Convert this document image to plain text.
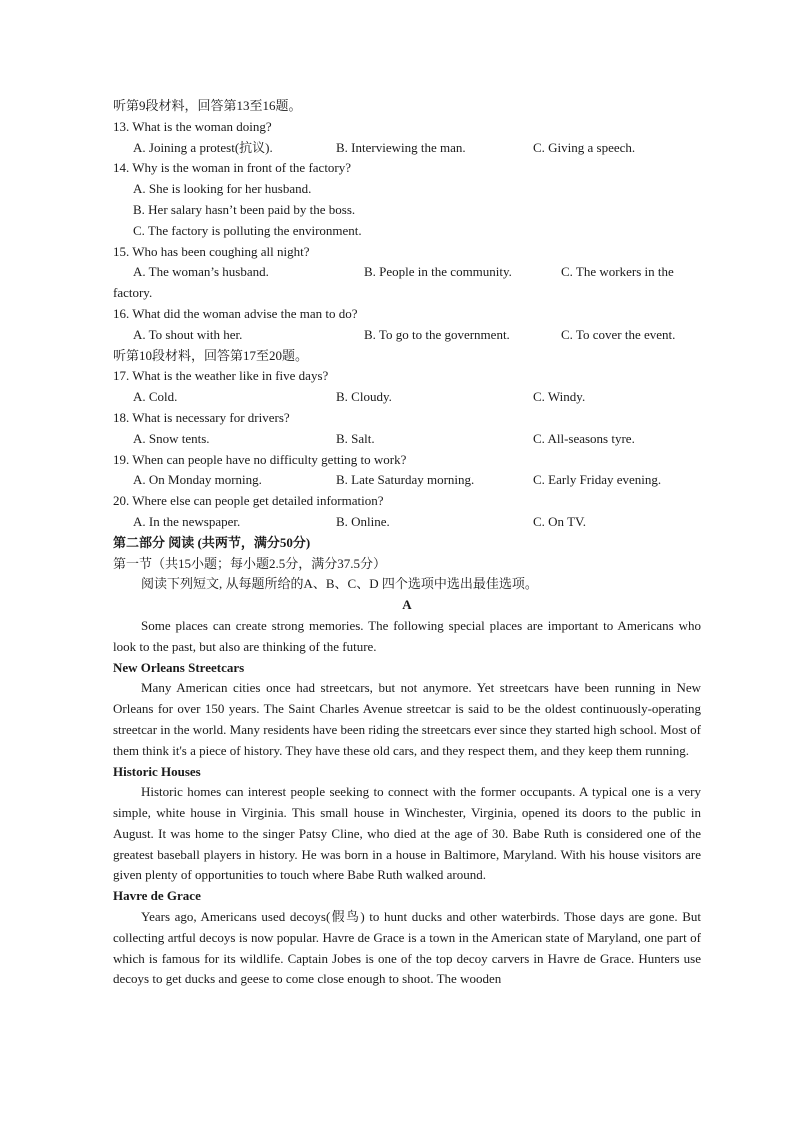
听第9段材料，回答第13至16题。
13. What is the woman doing?
A. Joining a protest(抗议).	B. Interviewing the man.	C. Giving a speech.
14. Why is the woman in front of the factory?
A. She is looking for her husband.
B. Her salary hasn’t been paid by the boss.
C. The factory is polluting the environment.
15. Who has been coughing all night?
A. The woman’s husband.	B. People in the community.	C. The workers in the
factory.
16. What did the woman advise the man to do?
A. To shout with her.	B. To go to the government.	C. To cover the event.
听第10段材料，回答第17至20题。
17. What is the weather like in five days?
A. Cold.	B. Cloudy.	C. Windy.
18. What is necessary for drivers?
A. Snow tents.	B. Salt.	C. All-seasons tyre.
19. When can people have no difficulty getting to work?
A. On Monday morning.	B. Late Saturday morning.	C. Early Friday evening.
20. Where else can people get detailed information?
A. In the newspaper.	B. Online.	C. On TV.
第二部分 阅读 (共两节，满分50分)
第一节（共15小题；每小题2.5分，满分37.5分）
阅读下列短文, 从每题所给的A、B、C、D 四个选项中选出最佳选项。
A

Some places can create strong memories. The following special places are important to Americans who look to the past, but also are thinking of the future.

New Orleans Streetcars

Many American cities once had streetcars, but not anymore. Yet streetcars have been running in New Orleans for over 150 years. The Saint Charles Avenue streetcar is said to be the oldest continuously-operating streetcar in the world. Many residents have been riding the streetcars ever since they started high school. Most of them think it's a piece of history. They have these old cars, and they respect them, and they keep them running.

Historic Houses

Historic homes can interest people seeking to connect with the former occupants. A typical one is a very simple, white house in Virginia. This small house in Winchester, Virginia, opened its doors to the public in August. It was home to the singer Patsy Cline, who died at the age of 30. Babe Ruth is considered one of the greatest baseball players in history. He was born in a house in Baltimore, Maryland. With his house visitors are given plenty of opportunities to touch where Babe Ruth walked around.

Havre de Grace

Years ago, Americans used decoys(假鸟) to hunt ducks and other waterbirds. Those days are gone. But collecting artful decoys is now popular. Havre de Grace is a town in the American state of Maryland, one part of which is famous for its wildlife. Captain Jobes is one of the top decoy carvers in Havre de Grace. Hunters use decoys to get ducks and geese to come close enough to shoot. The wooden
